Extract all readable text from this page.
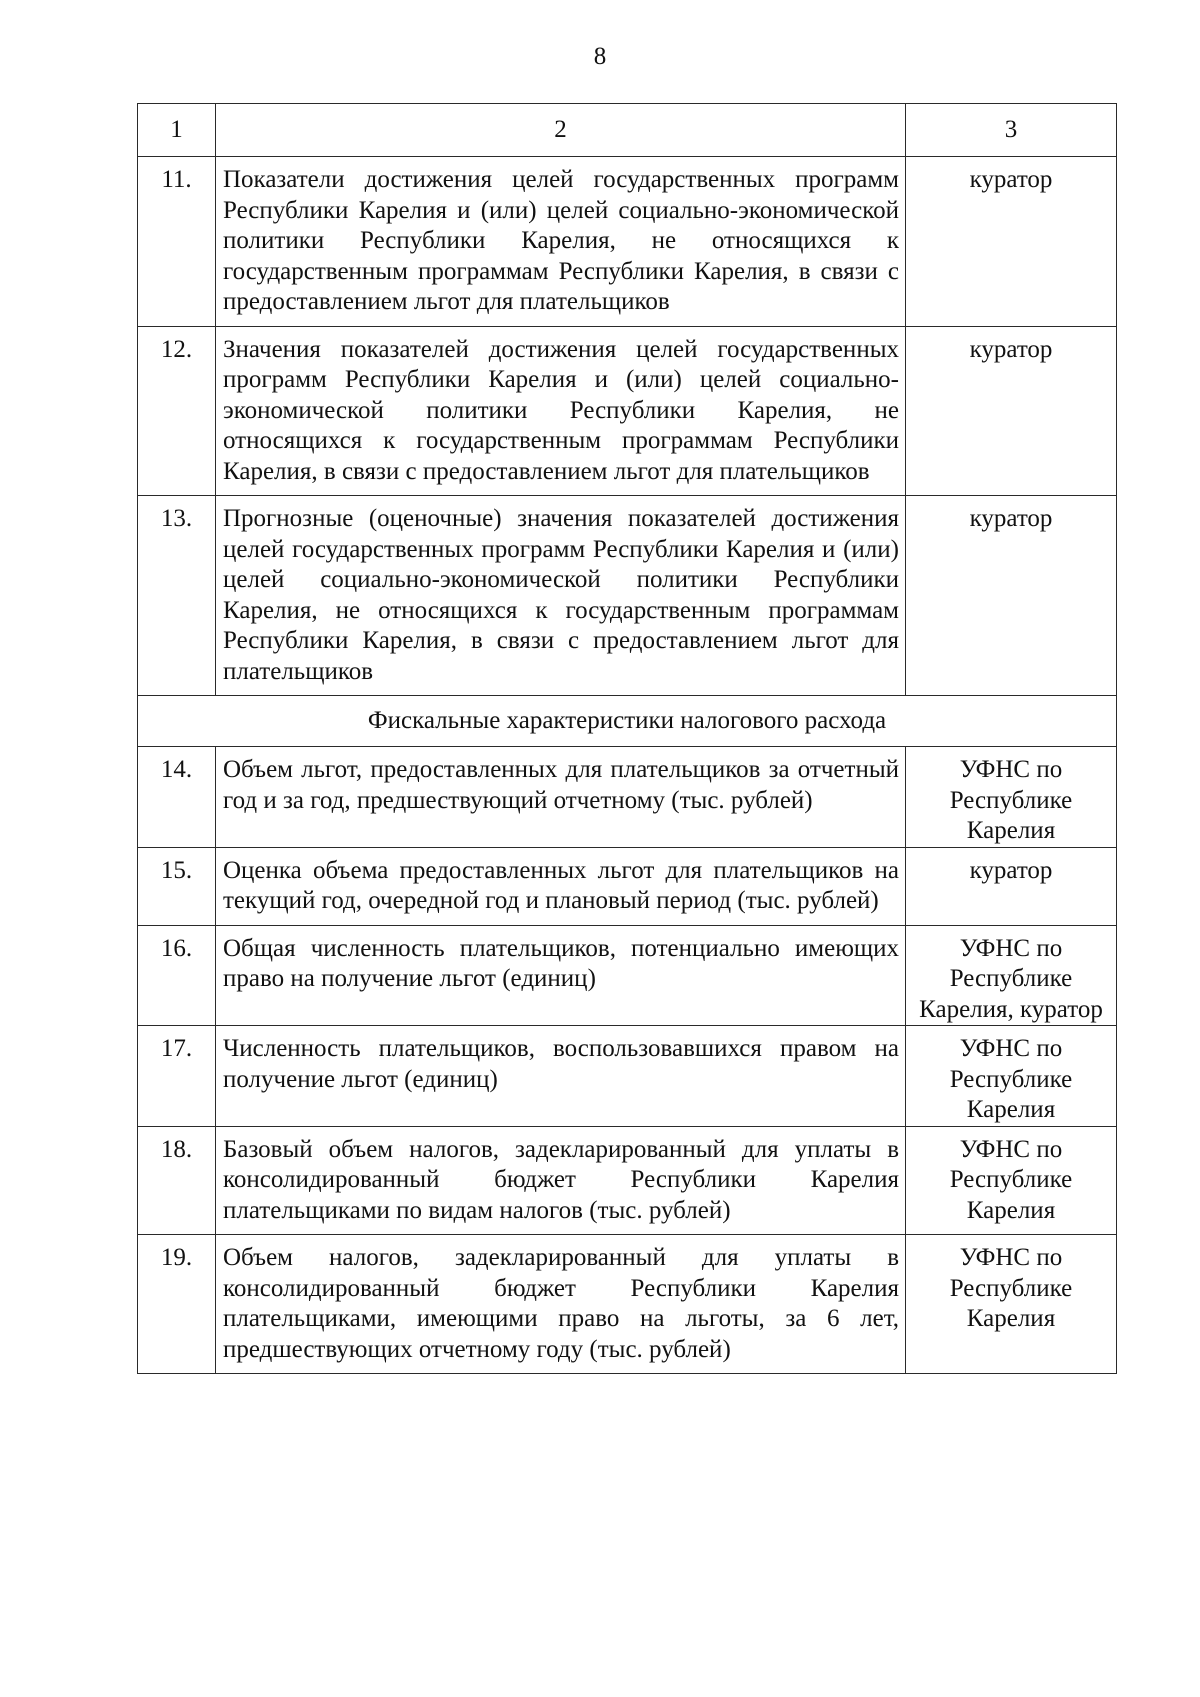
8
1	2	3
11.	Показатели достижения целей государственных программ Республики Карелия и (или) целей социально-экономической политики Республики Карелия, не относящихся к государственным программам Республики Карелия, в связи с предоставлением льгот для плательщиков	куратор
12.	Значения показателей достижения целей государственных программ Республики Карелия и (или) целей социально-экономической политики Республики Карелия, не относящихся к государственным программам Республики Карелия, в связи с предоставлением льгот для плательщиков	куратор
13.	Прогнозные (оценочные) значения показателей достижения целей государственных программ Республики Карелия и (или) целей социально-экономической политики Республики Карелия, не относящихся к государственным программам Республики Карелия, в связи с предоставлением льгот для плательщиков	куратор
Фискальные характеристики налогового расхода		
14.	Объем льгот, предоставленных для плательщиков за отчетный год и за год, предшествующий отчетному (тыс. рублей)	УФНС по Республике Карелия
15.	Оценка объема предоставленных льгот для плательщиков на текущий год, очередной год и плановый период (тыс. рублей)	куратор
16.	Общая численность плательщиков, потенциально имеющих право на получение льгот (единиц)	УФНС по Республике Карелия, куратор
17.	Численность плательщиков, воспользовавшихся правом на получение льгот (единиц)	УФНС по Республике Карелия
18.	Базовый объем налогов, задекларированный для уплаты в консолидированный бюджет Республики Карелия плательщиками по видам налогов (тыс. рублей)	УФНС по Республике Карелия
19.	Объем налогов, задекларированный для уплаты в консолидированный бюджет Республики Карелия плательщиками, имеющими право на льготы, за 6 лет, предшествующих отчетному году (тыс. рублей)	УФНС по Республике Карелия
